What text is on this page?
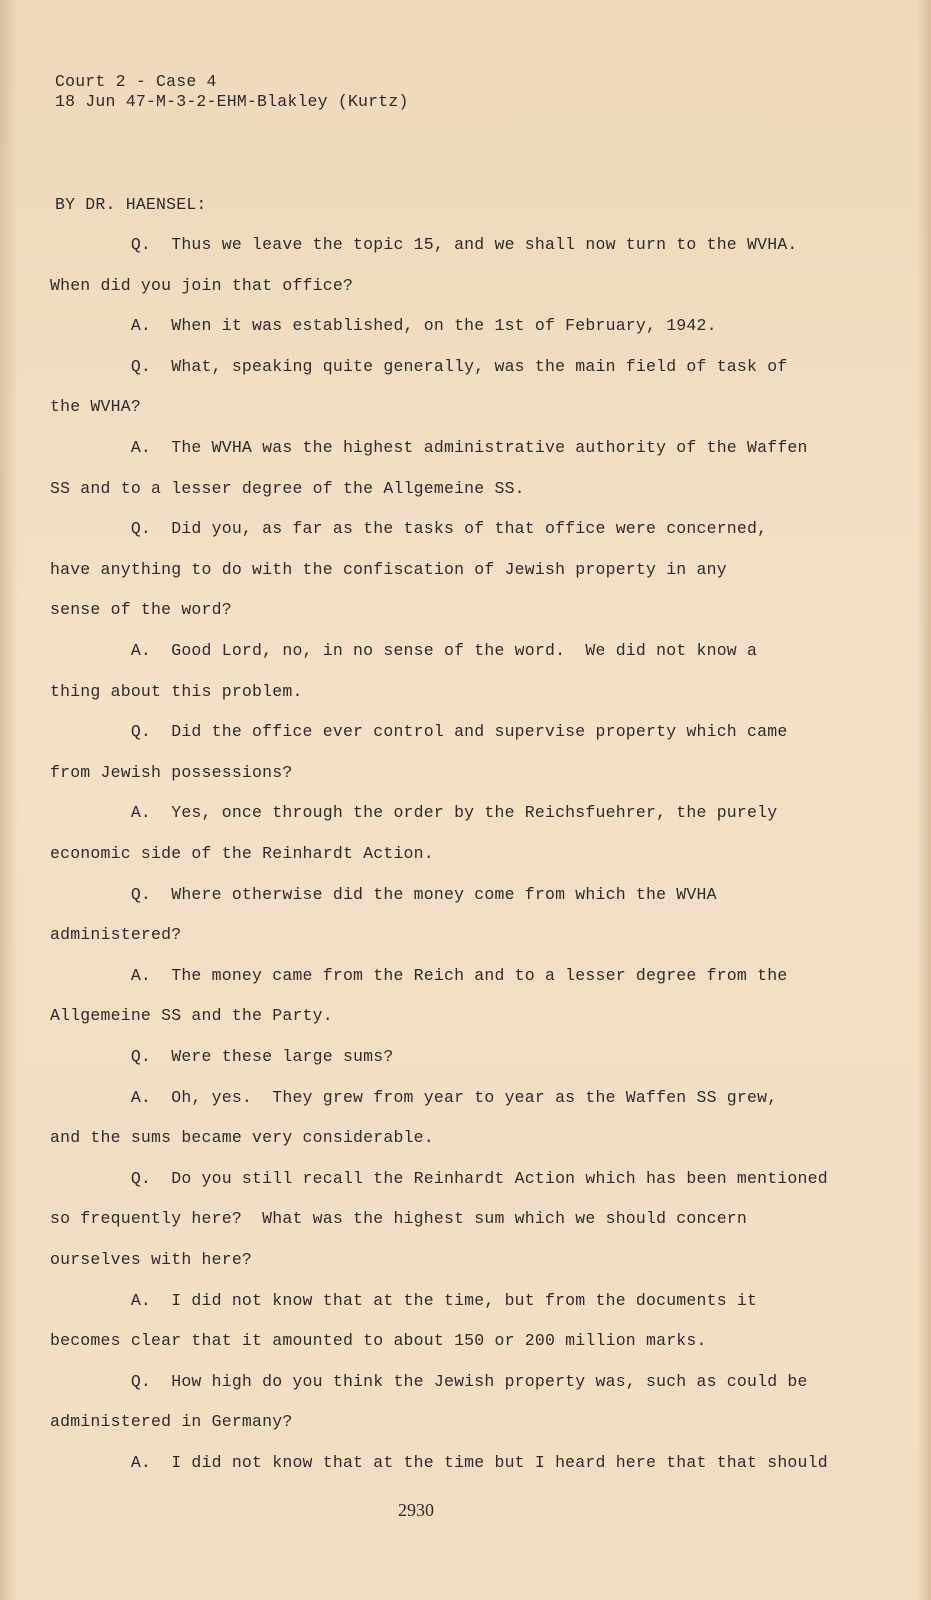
Court 2 - Case 4
18 Jun 47-M-3-2-EHM-Blakley (Kurtz)
BY DR. HAENSEL:
Q.  Thus we leave the topic 15, and we shall now turn to the WVHA.
When did you join that office?
A.  When it was established, on the 1st of February, 1942.
Q.  What, speaking quite generally, was the main field of task of
the WVHA?
A.  The WVHA was the highest administrative authority of the Waffen
SS and to a lesser degree of the Allgemeine SS.
Q.  Did you, as far as the tasks of that office were concerned,
have anything to do with the confiscation of Jewish property in any
sense of the word?
A.  Good Lord, no, in no sense of the word.  We did not know a
thing about this problem.
Q.  Did the office ever control and supervise property which came
from Jewish possessions?
A.  Yes, once through the order by the Reichsfuehrer, the purely
economic side of the Reinhardt Action.
Q.  Where otherwise did the money come from which the WVHA
administered?
A.  The money came from the Reich and to a lesser degree from the
Allgemeine SS and the Party.
Q.  Were these large sums?
A.  Oh, yes.  They grew from year to year as the Waffen SS grew,
and the sums became very considerable.
Q.  Do you still recall the Reinhardt Action which has been mentioned
so frequently here?  What was the highest sum which we should concern
ourselves with here?
A.  I did not know that at the time, but from the documents it
becomes clear that it amounted to about 150 or 200 million marks.
Q.  How high do you think the Jewish property was, such as could be
administered in Germany?
A.  I did not know that at the time but I heard here that that should
2930
